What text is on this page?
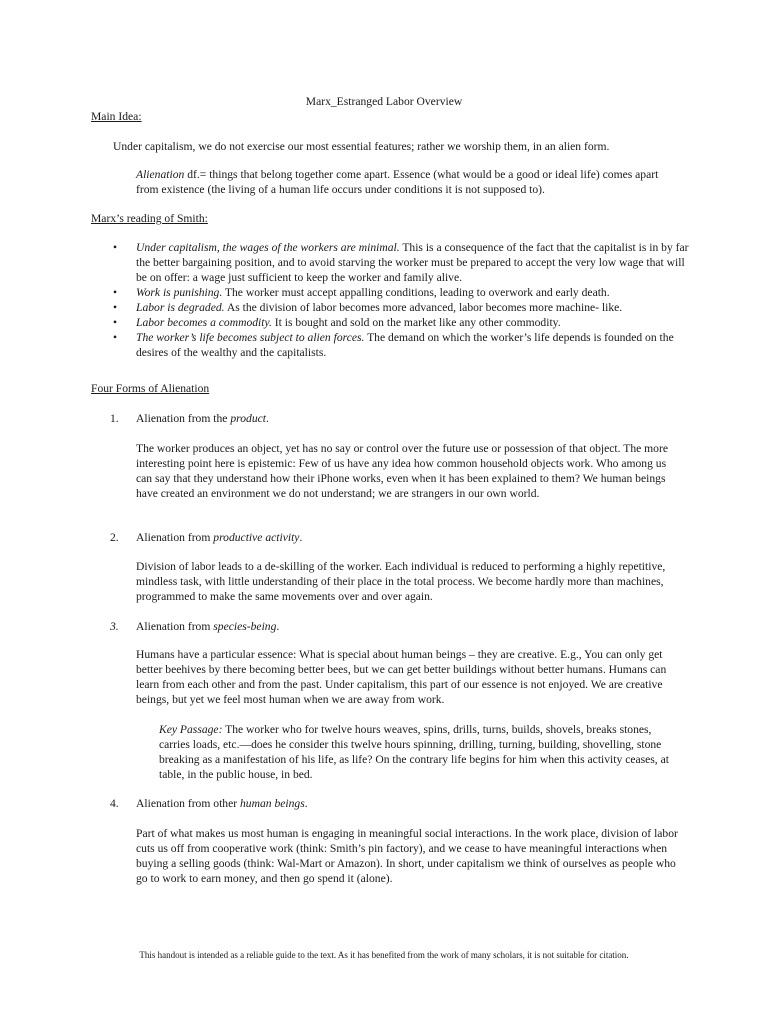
Marx_Estranged Labor Overview
Main Idea:

Under capitalism, we do not exercise our most essential features; rather we worship them, in an alien form.

Alienation df.= things that belong together come apart. Essence (what would be a good or ideal life) comes apart from existence (the living of a human life occurs under conditions it is not supposed to).

Marx’s reading of Smith:
• Under capitalism, the wages of the workers are minimal. This is a consequence of the fact that the capitalist is in by far the better bargaining position, and to avoid starving the worker must be prepared to accept the very low wage that will be on offer: a wage just sufficient to keep the worker and family alive.
• Work is punishing. The worker must accept appalling conditions, leading to overwork and early death.
• Labor is degraded. As the division of labor becomes more advanced, labor becomes more machine- like.
• Labor becomes a commodity. It is bought and sold on the market like any other commodity.
• The worker’s life becomes subject to alien forces. The demand on which the worker’s life depends is founded on the desires of the wealthy and the capitalists.
Four Forms of Alienation
1. Alienation from the product.

The worker produces an object, yet has no say or control over the future use or possession of that object. The more interesting point here is epistemic: Few of us have any idea how common household objects work. Who among us can say that they understand how their iPhone works, even when it has been explained to them? We human beings have created an environment we do not understand; we are strangers in our own world.

2. Alienation from productive activity.

Division of labor leads to a de-skilling of the worker. Each individual is reduced to performing a highly repetitive, mindless task, with little understanding of their place in the total process. We become hardly more than machines, programmed to make the same movements over and over again.

3. Alienation from species-being.

Humans have a particular essence: What is special about human beings – they are creative. E.g., You can only get better beehives by there becoming better bees, but we can get better buildings without better humans. Humans can learn from each other and from the past. Under capitalism, this part of our essence is not enjoyed. We are creative beings, but yet we feel most human when we are away from work.

Key Passage: The worker who for twelve hours weaves, spins, drills, turns, builds, shovels, breaks stones, carries loads, etc.—does he consider this twelve hours spinning, drilling, turning, building, shovelling, stone breaking as a manifestation of his life, as life? On the contrary life begins for him when this activity ceases, at table, in the public house, in bed.

4. Alienation from other human beings.

Part of what makes us most human is engaging in meaningful social interactions. In the work place, division of labor cuts us off from cooperative work (think: Smith’s pin factory), and we cease to have meaningful interactions when buying a selling goods (think: Wal-Mart or Amazon). In short, under capitalism we think of ourselves as people who go to work to earn money, and then go spend it (alone).

This handout is intended as a reliable guide to the text. As it has benefited from the work of many scholars, it is not suitable for citation.
